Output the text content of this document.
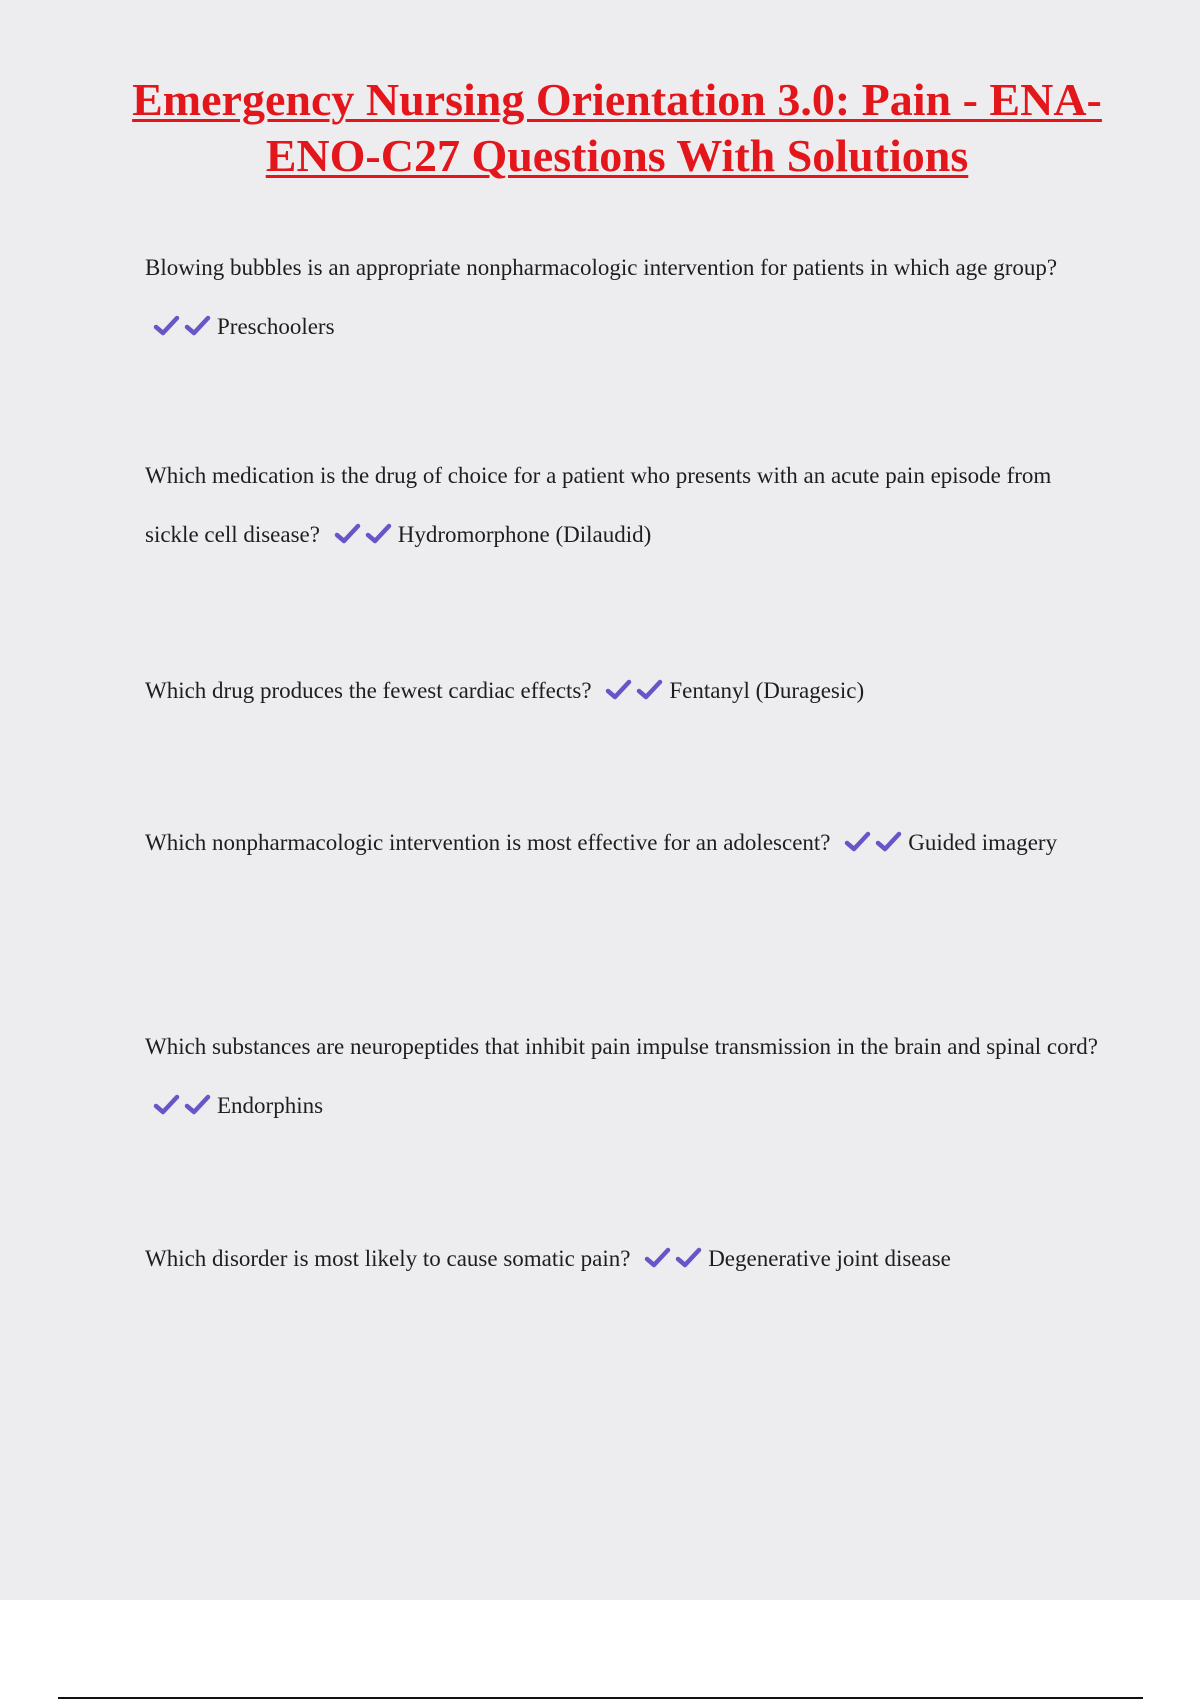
Emergency Nursing Orientation 3.0: Pain - ENA-ENO-C27 Questions With Solutions

Blowing bubbles is an appropriate nonpharmacologic intervention for patients in which age group? Preschoolers

Which medication is the drug of choice for a patient who presents with an acute pain episode from sickle cell disease?	Hydromorphone (Dilaudid)

Which drug produces the fewest cardiac effects?	Fentanyl (Duragesic)

Which nonpharmacologic intervention is most effective for an adolescent?	Guided imagery

Which substances are neuropeptides that inhibit pain impulse transmission in the brain and spinal cord? Endorphins

Which disorder is most likely to cause somatic pain?	Degenerative joint disease
